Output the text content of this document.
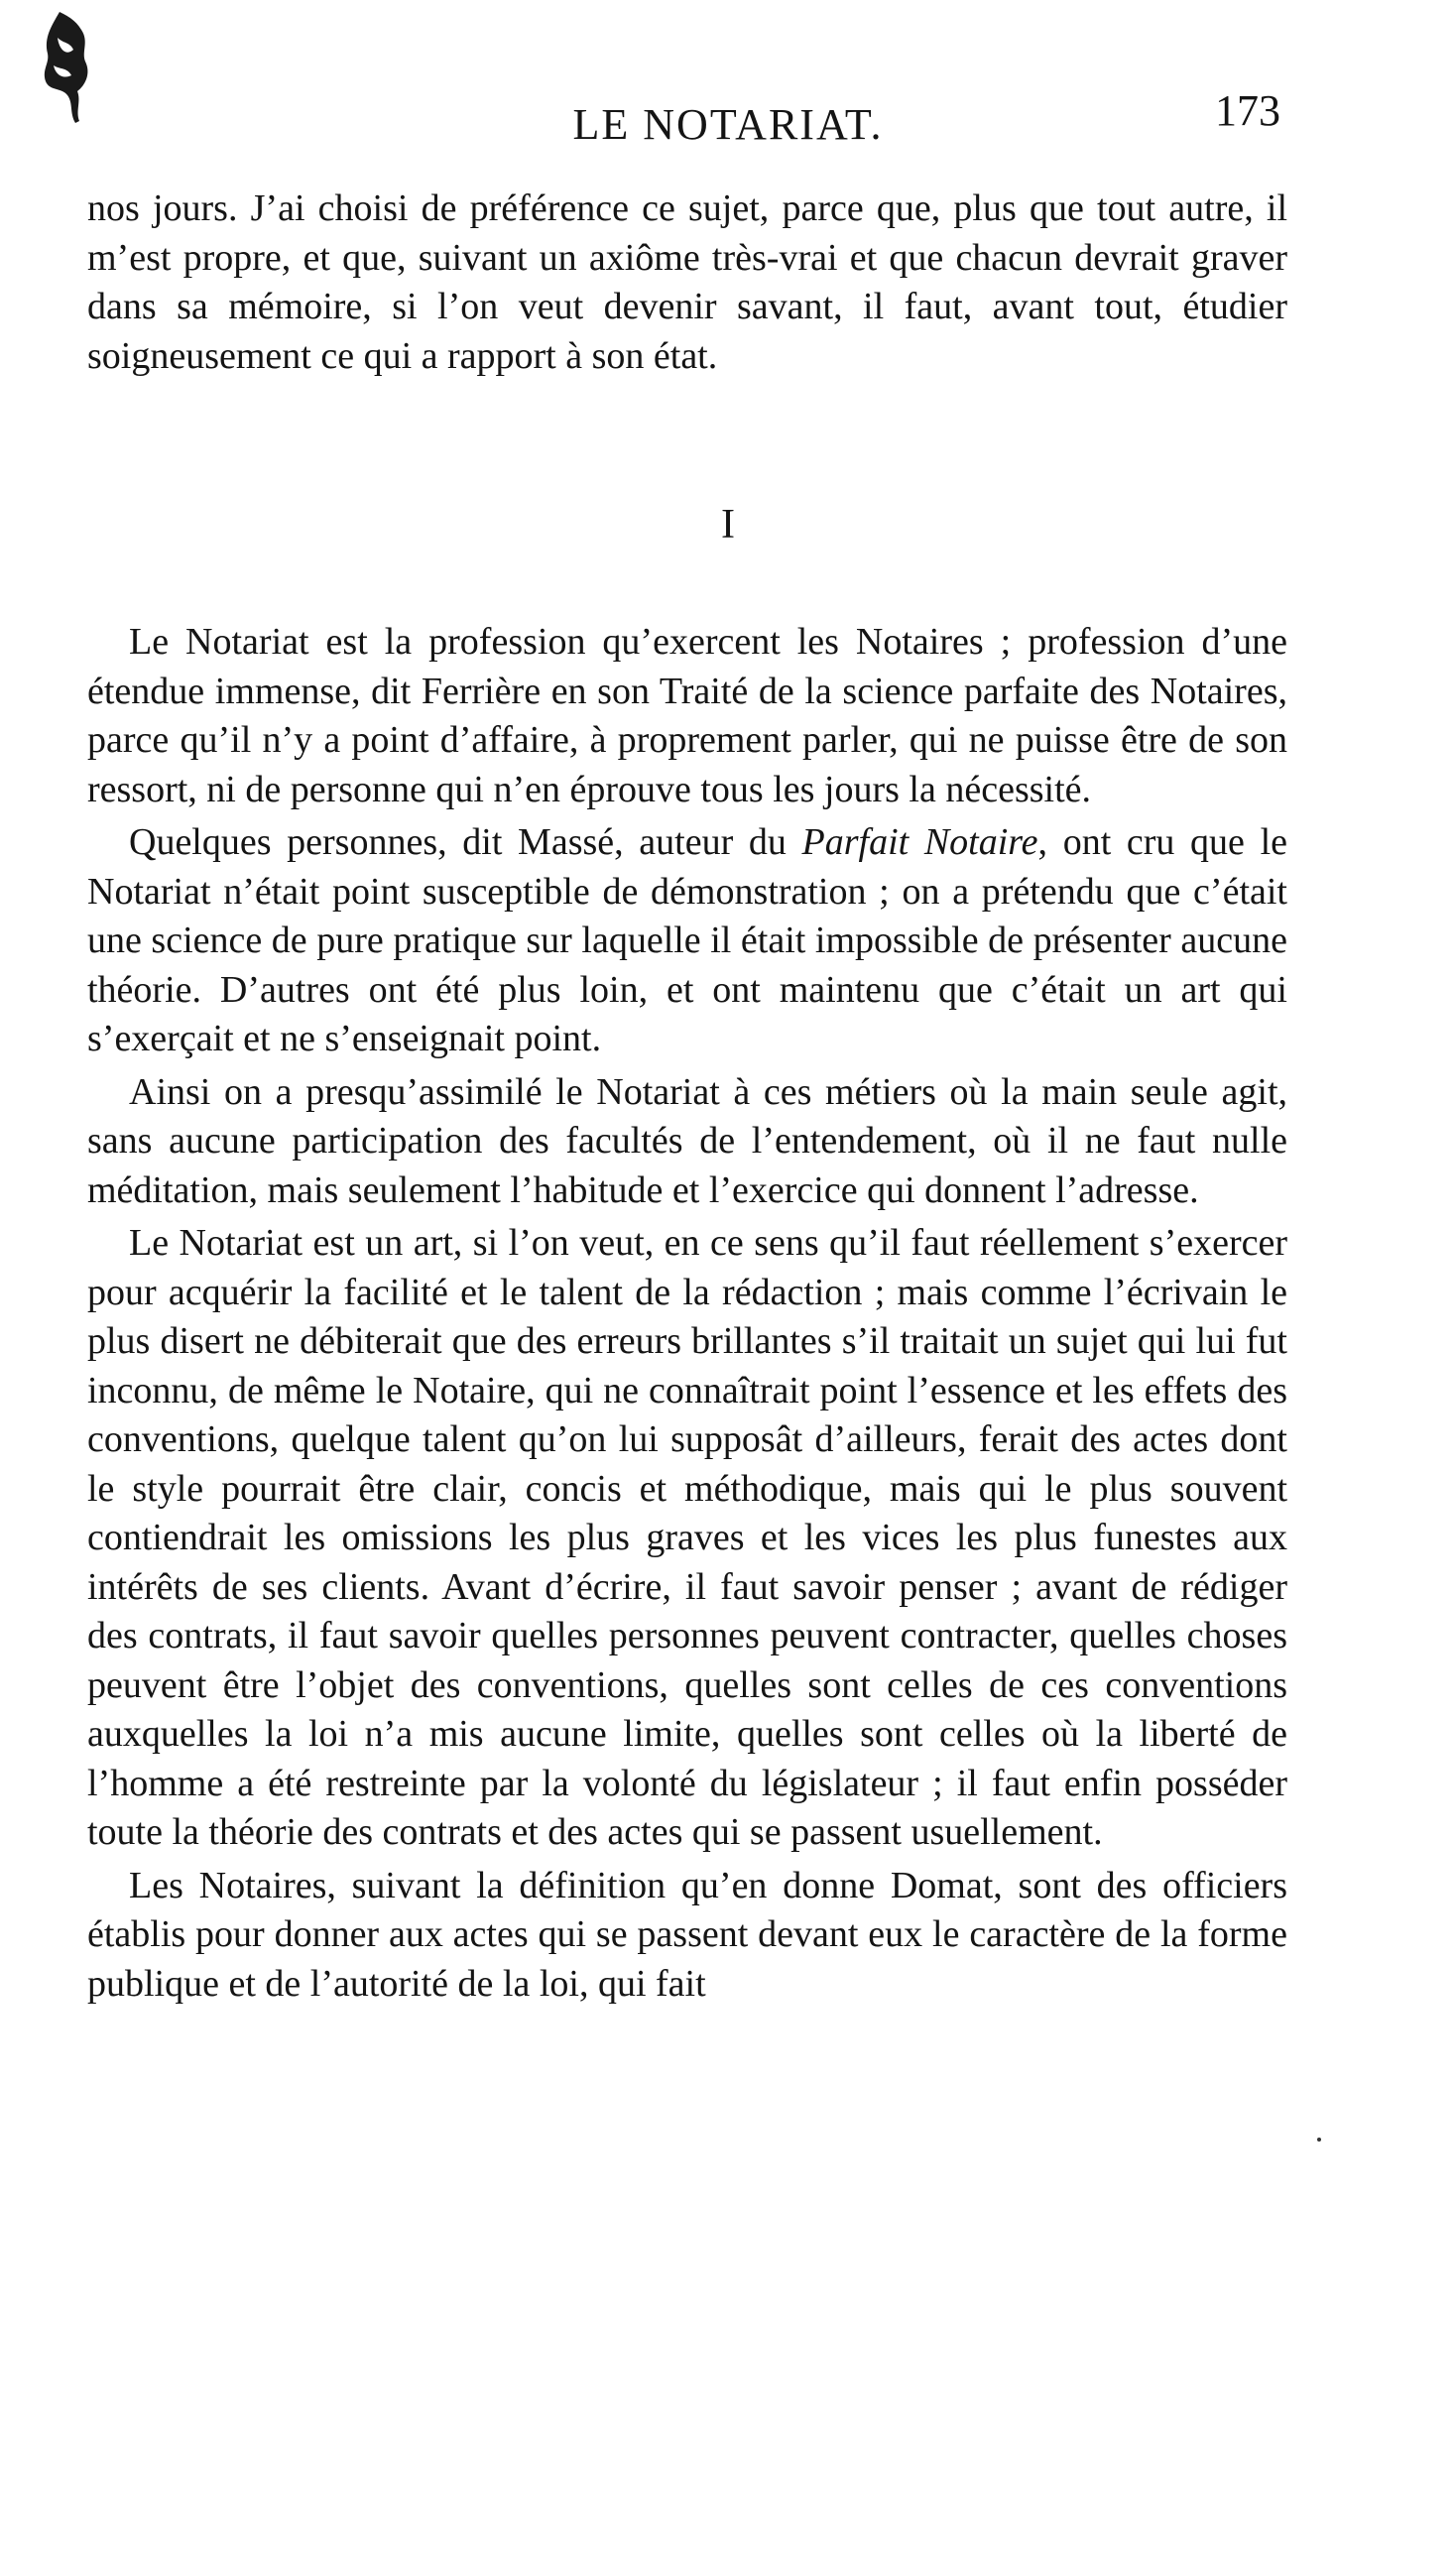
LE NOTARIAT.	173

nos jours. J’ai choisi de préférence ce sujet, parce que, plus que tout autre, il m’est propre, et que, suivant un axiôme très-vrai et que chacun devrait graver dans sa mémoire, si l’on veut devenir savant, il faut, avant tout, étudier soigneusement ce qui a rapport à son état.

I

Le Notariat est la profession qu’exercent les Notaires ; profession d’une étendue immense, dit Ferrière en son Traité de la science parfaite des Notaires, parce qu’il n’y a point d’affaire, à proprement parler, qui ne puisse être de son ressort, ni de personne qui n’en éprouve tous les jours la nécessité.

Quelques personnes, dit Massé, auteur du Parfait Notaire, ont cru que le Notariat n’était point susceptible de démonstration ; on a prétendu que c’était une science de pure pratique sur laquelle il était impossible de présenter aucune théorie. D’autres ont été plus loin, et ont maintenu que c’était un art qui s’exerçait et ne s’enseignait point.

Ainsi on a presqu’assimilé le Notariat à ces métiers où la main seule agit, sans aucune participation des facultés de l’entendement, où il ne faut nulle méditation, mais seulement l’habitude et l’exercice qui donnent l’adresse.

Le Notariat est un art, si l’on veut, en ce sens qu’il faut réellement s’exercer pour acquérir la facilité et le talent de la rédaction ; mais comme l’écrivain le plus disert ne débiterait que des erreurs brillantes s’il traitait un sujet qui lui fut inconnu, de même le Notaire, qui ne connaîtrait point l’essence et les effets des conventions, quelque talent qu’on lui supposât d’ailleurs, ferait des actes dont le style pourrait être clair, concis et méthodique, mais qui le plus souvent contiendrait les omissions les plus graves et les vices les plus funestes aux intérêts de ses clients. Avant d’écrire, il faut savoir penser ; avant de rédiger des contrats, il faut savoir quelles personnes peuvent contracter, quelles choses peuvent être l’objet des conventions, quelles sont celles de ces conventions auxquelles la loi n’a mis aucune limite, quelles sont celles où la liberté de l’homme a été restreinte par la volonté du législateur ; il faut enfin posséder toute la théorie des contrats et des actes qui se passent usuellement.

Les Notaires, suivant la définition qu’en donne Domat, sont des officiers établis pour donner aux actes qui se passent devant eux le caractère de la forme publique et de l’autorité de la loi, qui fait
